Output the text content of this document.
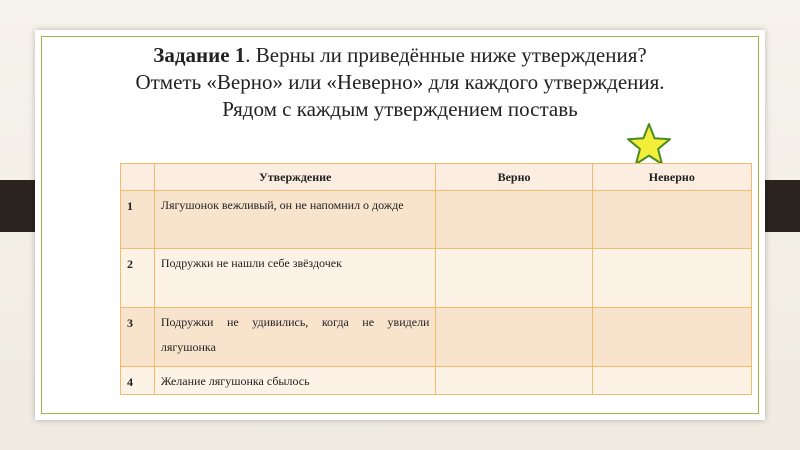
Задание 1. Верны ли приведённые ниже утверждения?
Отметь «Верно» или «Неверно» для каждого утверждения.
Рядом с каждым утверждением поставь
	Утверждение	Верно	Неверно
1	Лягушонок вежливый, он не напомнил о дожде		
2	Подружки не нашли себе звёздочек		
3	Подружки не удивились, когда не увидели лягушонка		
4	Желание лягушонка сбылось		
